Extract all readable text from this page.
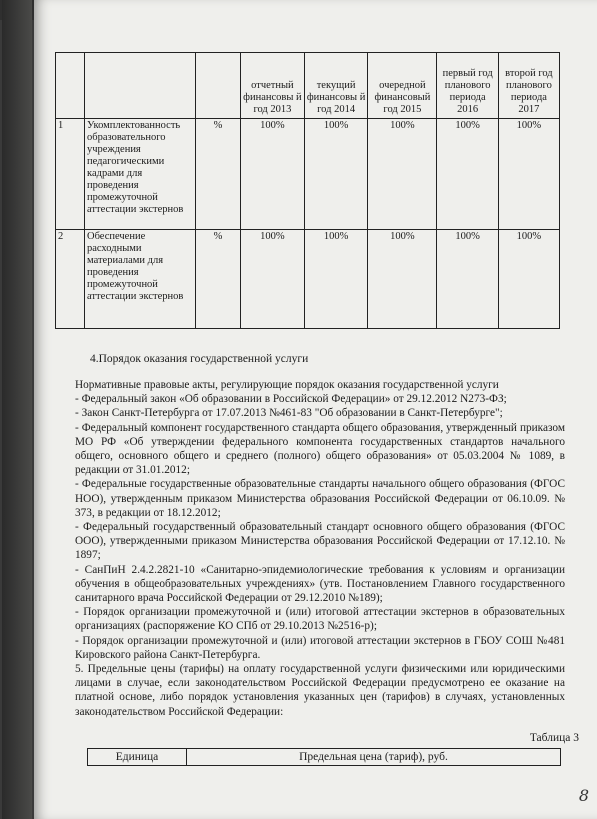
			отчетный финансовы й год 2013	текущий финансовы й год 2014	очередной финансовый год 2015	первый год планового периода 2016	второй год планового периода 2017
1	Укомплектованность образовательного учреждения педагогическими кадрами для проведения промежуточной аттестации экстернов	%	100%	100%	100%	100%	100%
2	Обеспечение расходными материалами для проведения промежуточной аттестации экстернов	%	100%	100%	100%	100%	100%
4.Порядок оказания государственной услуги

Нормативные правовые акты, регулирующие порядок оказания государственной услуги

- Федеральный закон «Об образовании в Российской Федерации» от 29.12.2012 N273-ФЗ;

- Закон Санкт-Петербурга от 17.07.2013 №461-83 "Об образовании в Санкт-Петербурге";

- Федеральный компонент государственного стандарта общего образования, утвержденный приказом МО РФ «Об утверждении федерального компонента государственных стандартов начального общего, основного общего и среднего (полного) общего образования» от 05.03.2004 № 1089, в редакции от 31.01.2012;

- Федеральные государственные образовательные стандарты начального общего образования (ФГОС НОО), утвержденным приказом Министерства образования Российской Федерации от 06.10.09. № 373, в редакции от 18.12.2012;

- Федеральный государственный образовательный стандарт основного общего образования (ФГОС ООО), утвержденными приказом Министерства образования Российской Федерации от 17.12.10. № 1897;

- СанПиН 2.4.2.2821-10 «Санитарно-эпидемиологические требования к условиям и организации обучения в общеобразовательных учреждениях» (утв. Постановлением Главного государственного санитарного врача Российской Федерации от 29.12.2010 №189);

- Порядок организации промежуточной и (или) итоговой аттестации экстернов в образовательных организациях (распоряжение КО СПб от 29.10.2013 №2516-р);

- Порядок организации промежуточной и (или) итоговой аттестации экстернов в ГБОУ СОШ №481 Кировского района Санкт-Петербурга.

5. Предельные цены (тарифы) на оплату государственной услуги физическими или юридическими лицами в случае, если законодательством Российской Федерации предусмотрено ее оказание на платной основе, либо порядок установления указанных цен (тарифов) в случаях, установленных законодательством Российской Федерации:
Таблица 3
Единица	Предельная цена (тариф), руб.
8
